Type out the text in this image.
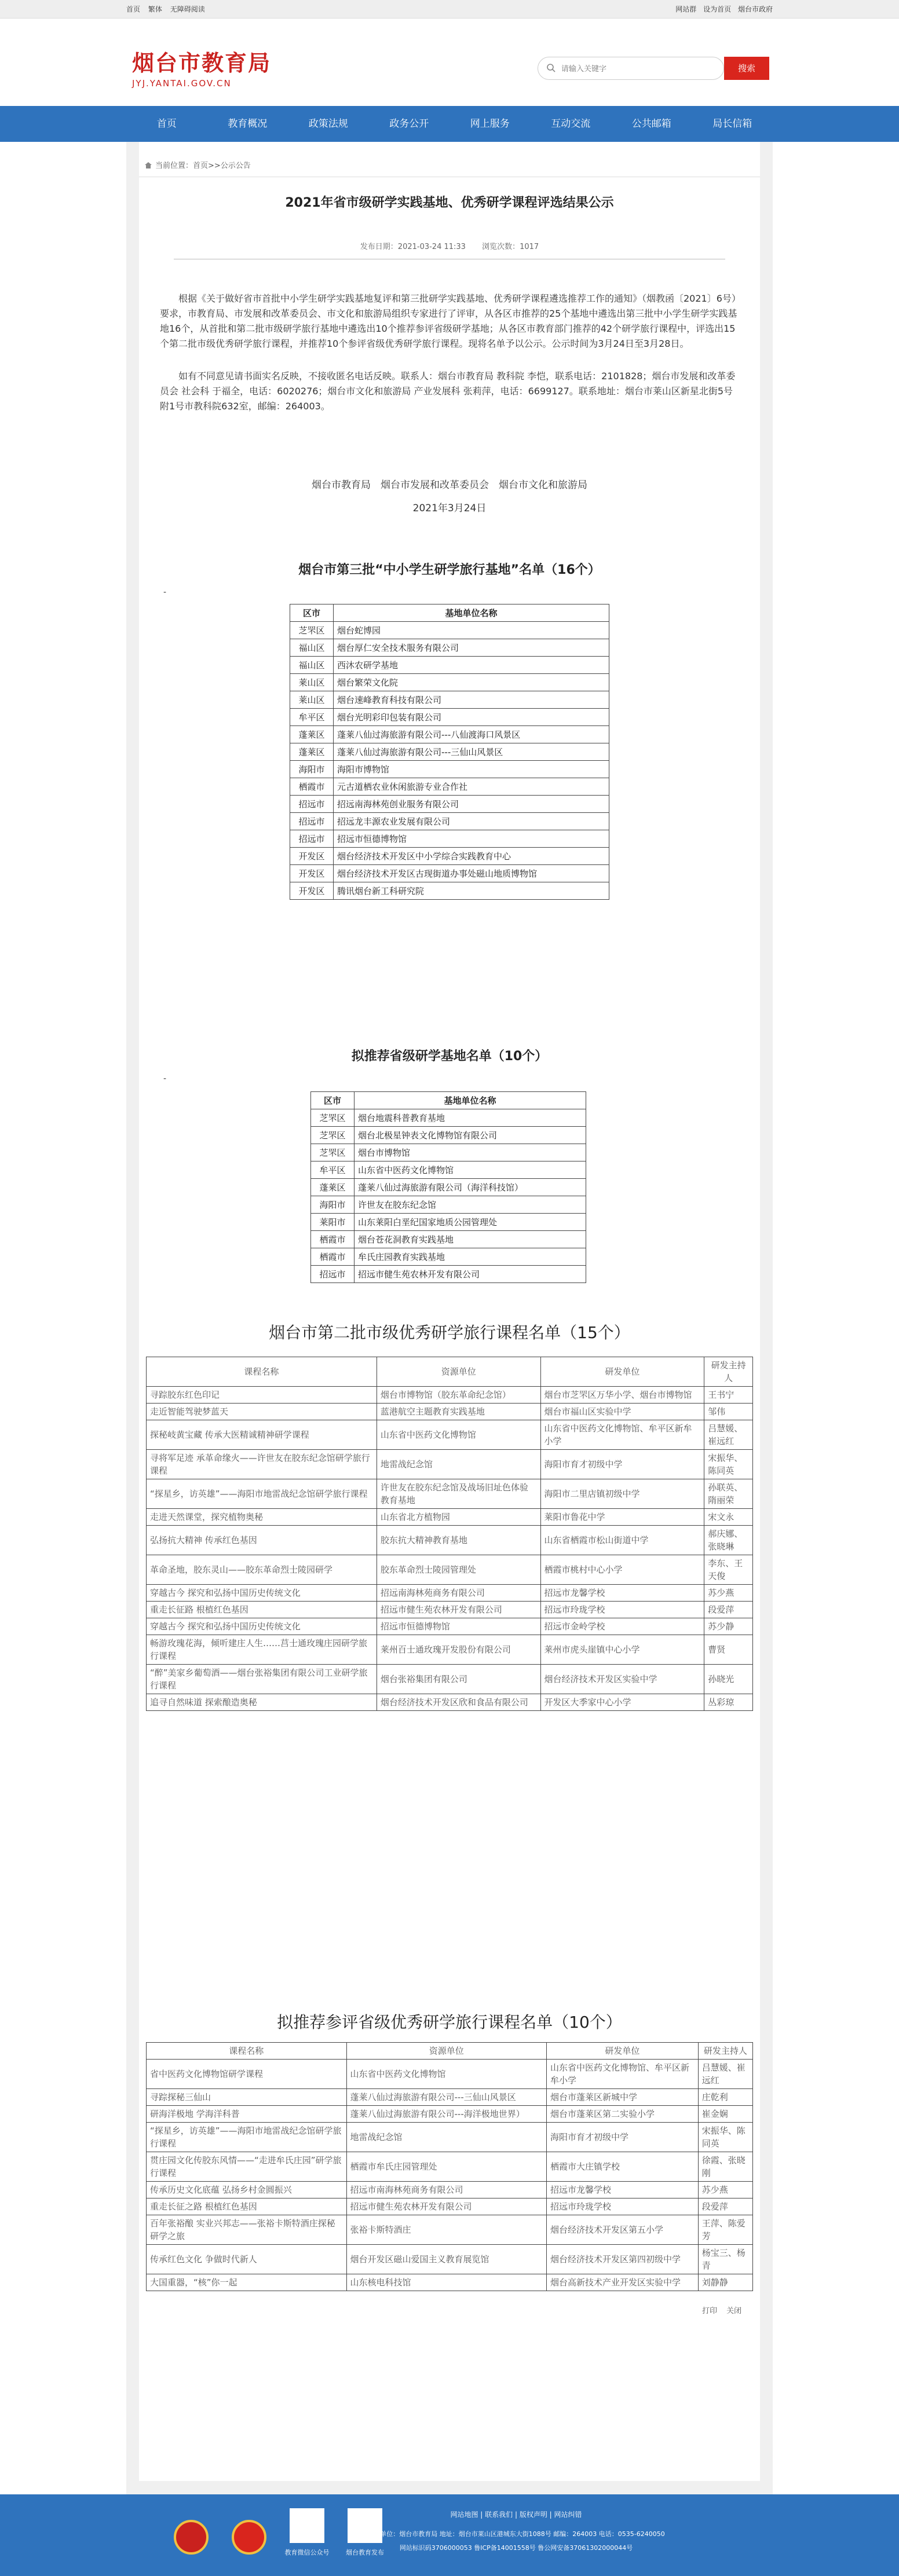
首页 繁体 无障碍阅读	网站群 设为首页 烟台市政府
烟台市教育局
JYJ.YANTAI.GOV.CN
请输入关键字
搜索
首页	教育概况	政策法规	政务公开	网上服务	互动交流	公共邮箱	局长信箱
当前位置：首页>>公示公告
2021年省市级研学实践基地、优秀研学课程评选结果公示
发布日期：2021-03-24 11:33 浏览次数：1017
根据《关于做好省市首批中小学生研学实践基地复评和第三批研学实践基地、优秀研学课程遴选推荐工作的通知》（烟教函〔2021〕6号）要求，市教育局、市发展和改革委员会、市文化和旅游局组织专家进行了评审，从各区市推荐的25个基地中遴选出第三批中小学生研学实践基地16个，从首批和第二批市级研学旅行基地中遴选出10个推荐参评省级研学基地；从各区市教育部门推荐的42个研学旅行课程中，评选出15个第二批市级优秀研学旅行课程，并推荐10个参评省级优秀研学旅行课程。现将名单予以公示。公示时间为3月24日至3月28日。
如有不同意见请书面实名反映，不接收匿名电话反映。联系人：烟台市教育局 教科院 李恺，联系电话：2101828；烟台市发展和改革委员会 社会科 于福全，电话：6020276；烟台市文化和旅游局 产业发展科 张莉萍，电话：6699127。联系地址：烟台市莱山区新星北街5号附1号市教科院632室，邮编：264003。
烟台市教育局　烟台市发展和改革委员会　烟台市文化和旅游局
2021年3月24日
烟台市第三批“中小学生研学旅行基地”名单（16个）
-
区市	基地单位名称
芝罘区	烟台蛇博园
福山区	烟台厚仁安全技术服务有限公司
福山区	西沐农研学基地
莱山区	烟台繁荣文化院
莱山区	烟台速峰教育科技有限公司
牟平区	烟台光明彩印包装有限公司
蓬莱区	蓬莱八仙过海旅游有限公司---八仙渡海口风景区
蓬莱区	蓬莱八仙过海旅游有限公司---三仙山风景区
海阳市	海阳市博物馆
栖霞市	元古道栖农业休闲旅游专业合作社
招远市	招远南海林苑创业服务有限公司
招远市	招远龙丰源农业发展有限公司
招远市	招远市恒德博物馆
开发区	烟台经济技术开发区中小学综合实践教育中心
开发区	烟台经济技术开发区古现街道办事处磁山地质博物馆
开发区	腾讯烟台新工科研究院
拟推荐省级研学基地名单（10个）
-
区市	基地单位名称
芝罘区	烟台地震科普教育基地
芝罘区	烟台北极星钟表文化博物馆有限公司
芝罘区	烟台市博物馆
牟平区	山东省中医药文化博物馆
蓬莱区	蓬莱八仙过海旅游有限公司（海洋科技馆）
海阳市	许世友在胶东纪念馆
莱阳市	山东莱阳白垩纪国家地质公园管理处
栖霞市	烟台苍花洞教育实践基地
栖霞市	牟氏庄园教育实践基地
招远市	招远市健生苑农林开发有限公司
烟台市第二批市级优秀研学旅行课程名单（15个）
课程名称	资源单位	研发单位	研发主持人
寻踪胶东红色印记	烟台市博物馆（胶东革命纪念馆）	烟台市芝罘区万华小学、烟台市博物馆	王书宁
走近智能驾驶梦蓝天	蓝港航空主题教育实践基地	烟台市福山区实验中学	邹伟
探秘岐黄宝藏 传承大医精诚精神研学课程	山东省中医药文化博物馆	山东省中医药文化博物馆、牟平区新牟小学	吕慧媛、崔远红
寻将军足迹 承革命缘火——许世友在胶东纪念馆研学旅行课程	地雷战纪念馆	海阳市育才初级中学	宋振华、陈同英
“探星乡，访英雄”——海阳市地雷战纪念馆研学旅行课程	许世友在胶东纪念馆及战场旧址色体验教育基地	海阳市二里店镇初级中学	孙联英、隋丽荣
走进天然课堂，探究植物奥秘	山东省北方植物园	莱阳市鲁花中学	宋文永
弘扬抗大精神 传承红色基因	胶东抗大精神教育基地	山东省栖霞市松山街道中学	郝庆娜、张晓琳
革命圣地，胶东灵山——胶东革命烈士陵园研学	胶东革命烈士陵园管理处	栖霞市桃村中心小学	李东、王天俊
穿越古今 探究和弘扬中国历史传统文化	招远南海林苑商务有限公司	招远市龙馨学校	苏少燕
重走长征路 根植红色基因	招远市健生苑农林开发有限公司	招远市玲珑学校	段爱萍
穿越古今 探究和弘扬中国历史传统文化	招远市恒德博物馆	招远市金岭学校	苏少静
畅游玫瑰花海，倾听建庄人生……莒士通玫瑰庄园研学旅行课程	莱州百士通玫瑰开发股份有限公司	莱州市虎头崖镇中心小学	曹贤
“醉”美家乡葡萄酒——烟台张裕集团有限公司工业研学旅行课程	烟台张裕集团有限公司	烟台经济技术开发区实验中学	孙晓光
追寻自然味道 探索酿造奥秘	烟台经济技术开发区欣和食品有限公司	开发区大季家中心小学	丛彩琼
拟推荐参评省级优秀研学旅行课程名单（10个）
课程名称	资源单位	研发单位	研发主持人
省中医药文化博物馆研学课程	山东省中医药文化博物馆	山东省中医药文化博物馆、牟平区新牟小学	吕慧媛、崔远红
寻踪探秘三仙山	蓬莱八仙过海旅游有限公司---三仙山风景区	烟台市蓬莱区新城中学	庄乾利
研海洋极地 学海洋科普	蓬莱八仙过海旅游有限公司---海洋极地世界）	烟台市蓬莱区第二实验小学	崔金娴
“探星乡，访英雄”——海阳市地雷战纪念馆研学旅行课程	地雷战纪念馆	海阳市育才初级中学	宋振华、陈同英
贯庄园文化传胶东风情——“走进牟氏庄园”研学旅行课程	栖霞市牟氏庄园管理处	栖霞市大庄镇学校	徐霞、张晓刚
传承历史文化底蕴 弘扬乡村金圆振兴	招远市南海林苑商务有限公司	招远市龙馨学校	苏少燕
重走长征之路 根植红色基因	招远市健生苑农林开发有限公司	招远市玲珑学校	段爱萍
百年张裕酿 实业兴邦志——张裕卡斯特酒庄探秘研学之旅	张裕卡斯特酒庄	烟台经济技术开发区第五小学	王萍、陈爱芳
传承红色文化 争做时代新人	烟台开发区磁山爱国主义教育展览馆	烟台经济技术开发区第四初级中学	杨宝三、杨青
大国重器，“核”你一起	山东核电科技馆	烟台高新技术产业开发区实验中学	刘静静
打印 关闭
教育微信公众号	烟台教育发布
网站地图 | 联系我们 | 版权声明 | 网站纠错
主办单位：烟台市教育局 地址：烟台市莱山区港城东大街1088号 邮编：264003 电话：0535-6240050
网站标识码3706000053 鲁ICP备14001558号 鲁公网安备37061302000044号
